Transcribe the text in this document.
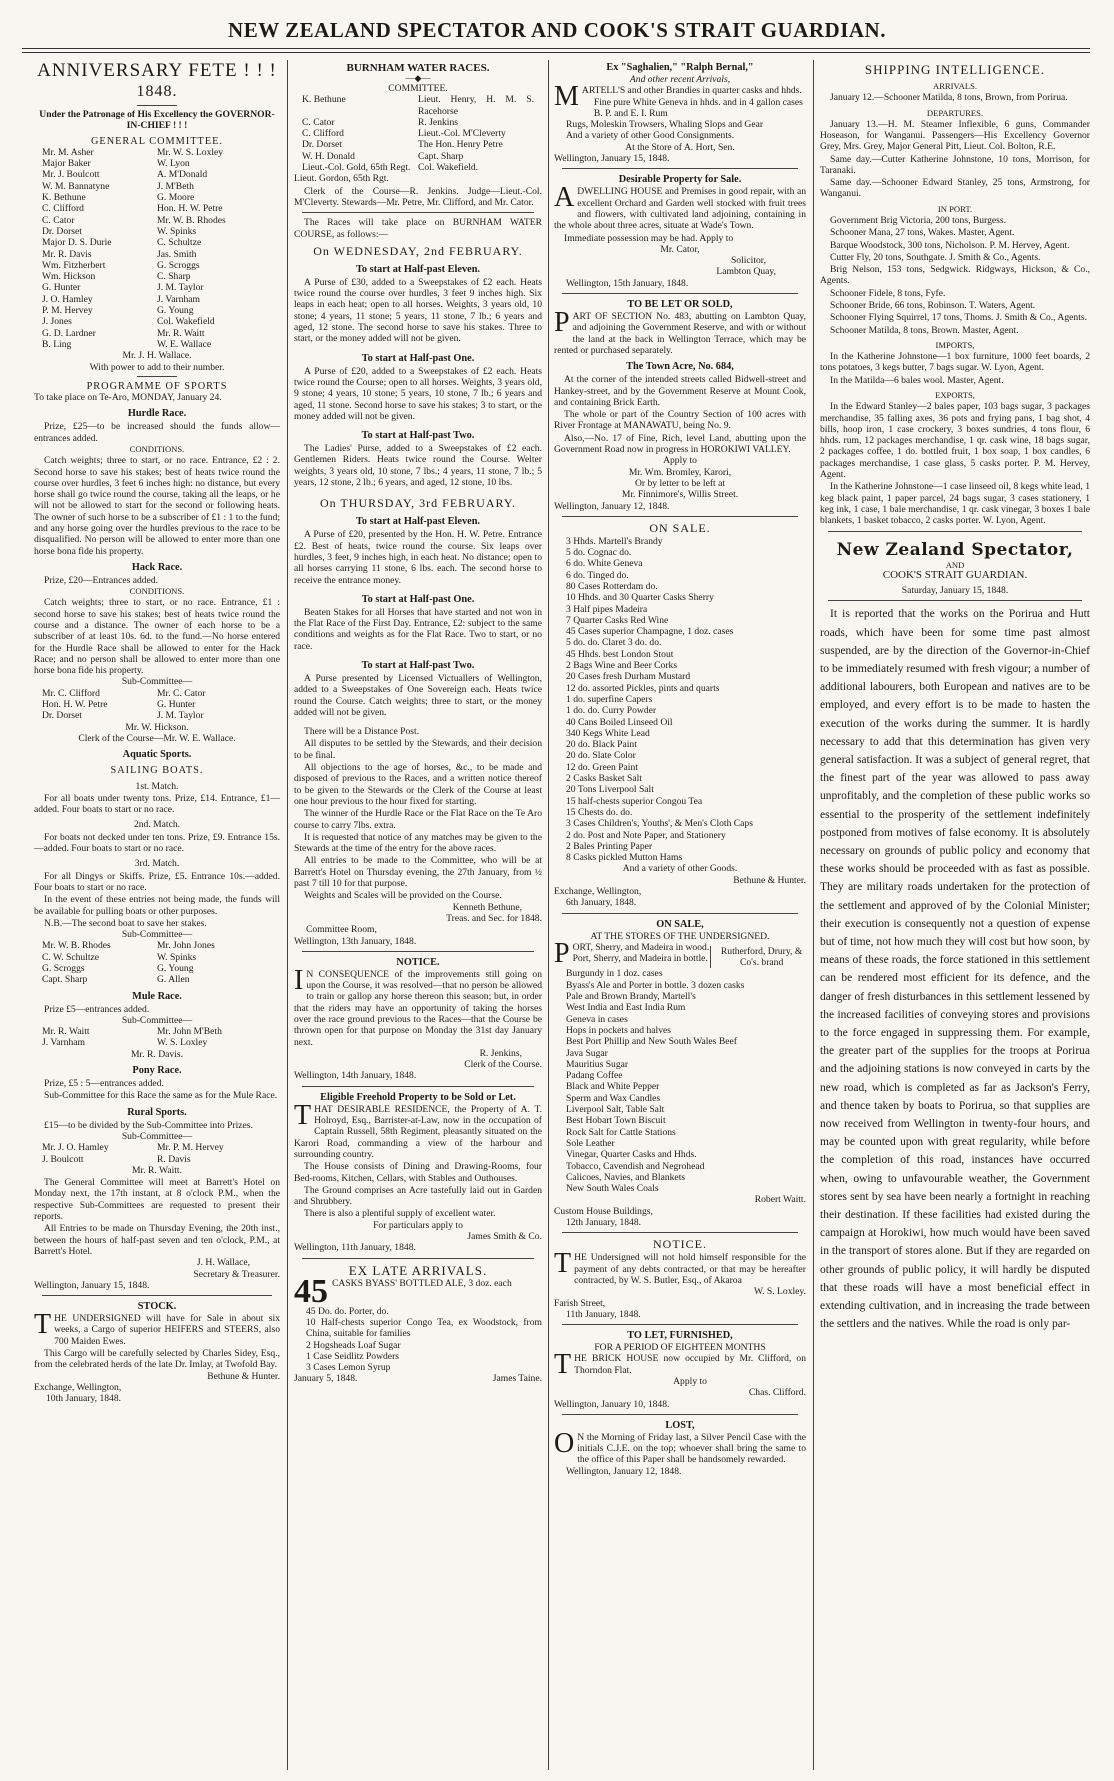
NEW ZEALAND SPECTATOR AND COOK'S STRAIT GUARDIAN.
ANNIVERSARY FETE ! ! !
1848.
Under the Patronage of His Excellency the GOVERNOR-IN-CHIEF ! ! !
GENERAL COMMITTEE.
Mr. M. Asher	Mr. W. S. Loxley
Major Baker	W. Lyon
Mr. J. Boulcott	A. M'Donald
W. M. Bannatyne	J. M'Beth
K. Bethune	G. Moore
C. Clifford	Hon. H. W. Petre
C. Cator	Mr. W. B. Rhodes
Dr. Dorset	W. Spinks
Major D. S. Durie	C. Schultze
Mr. R. Davis	Jas. Smith
Wm. Fitzherbert	G. Scroggs
Wm. Hickson	C. Sharp
G. Hunter	J. M. Taylor
J. O. Hamley	J. Varnham
P. M. Hervey	G. Young
J. Jones	Col. Wakefield
G. D. Lardner	Mr. R. Waitt
B. Ling	W. E. Wallace
Mr. J. H. Wallace.
With power to add to their number.
PROGRAMME OF SPORTS
To take place on Te-Aro, MONDAY, January 24.
Hurdle Race.
Prize, £25—to be increased should the funds allow—entrances added.
CONDITIONS.
Catch weights; three to start, or no race. Entrance, £2 : 2. Second horse to save his stakes; best of heats twice round the course over hurdles, 3 feet 6 inches high: no distance, but every horse shall go twice round the course, taking all the leaps, or he will not be allowed to start for the second or following heats. The owner of such horse to be a subscriber of £1 : 1 to the fund; and any horse going over the hurdles previous to the race to be disqualified. No person will be allowed to enter more than one horse bona fide his property.
Hack Race.
Prize, £20—Entrances added.
CONDITIONS.
Catch weights; three to start, or no race. Entrance, £1 : second horse to save his stakes; best of heats twice round the course and a distance. The owner of each horse to be a subscriber of at least 10s. 6d. to the fund.—No horse entered for the Hurdle Race shall be allowed to enter for the Hack Race; and no person shall be allowed to enter more than one horse bona fide his property.
Sub-Committee—
Mr. C. Clifford	Mr. C. Cator
Hon. H. W. Petre	G. Hunter
Dr. Dorset	J. M. Taylor
Mr. W. Hickson.
Clerk of the Course—Mr. W. E. Wallace.
Aquatic Sports.
SAILING BOATS.
1st. Match.
For all boats under twenty tons. Prize, £14. Entrance, £1—added. Four boats to start or no race.
2nd. Match.
For boats not decked under ten tons. Prize, £9. Entrance 15s.—added. Four boats to start or no race.
3rd. Match.
For all Dingys or Skiffs. Prize, £5. Entrance 10s.—added. Four boats to start or no race.
In the event of these entries not being made, the funds will be available for pulling boats or other purposes.
N.B.—The second boat to save her stakes.
Sub-Committee—
Mr. W. B. Rhodes	Mr. John Jones
C. W. Schultze	W. Spinks
G. Scroggs	G. Young
Capt. Sharp	G. Allen
Mule Race.
Prize £5—entrances added.
Sub-Committee—
Mr. R. Waitt	Mr. John M'Beth
J. Varnham	W. S. Loxley
Mr. R. Davis.
Pony Race.
Prize, £5 : 5—entrances added.
Sub-Committee for this Race the same as for the Mule Race.
Rural Sports.
£15—to be divided by the Sub-Committee into Prizes.
Sub-Committee—
Mr. J. O. Hamley	Mr. P. M. Hervey
J. Boulcott	R. Davis
Mr. R. Waitt.
The General Committee will meet at Barrett's Hotel on Monday next, the 17th instant, at 8 o'clock P.M., when the respective Sub-Committees are requested to present their reports.
All Entries to be made on Thursday Evening, the 20th inst., between the hours of half-past seven and ten o'clock, P.M., at Barrett's Hotel.
J. H. Wallace,
Secretary & Treasurer.
Wellington, January 15, 1848.
STOCK.
THE UNDERSIGNED will have for Sale in about six weeks, a Cargo of superior HEIFERS and STEERS, also 700 Maiden Ewes.
This Cargo will be carefully selected by Charles Sidey, Esq., from the celebrated herds of the late Dr. Imlay, at Twofold Bay.
Bethune & Hunter.
Exchange, Wellington,
10th January, 1848.
BURNHAM WATER RACES.
—◆—
COMMITTEE.
K. Bethune	Lieut. Henry, H. M. S. Racehorse
C. Cator	R. Jenkins
C. Clifford	Lieut.-Col. M'Cleverty
Dr. Dorset	The Hon. Henry Petre
W. H. Donald	Capt. Sharp
Lieut.-Col. Gold, 65th Regt. Col. Wakefield.
Lieut. Gordon, 65th Rgt.
Clerk of the Course—R. Jenkins. Judge—Lieut.-Col. M'Cleverty. Stewards—Mr. Petre, Mr. Clifford, and Mr. Cator.
The Races will take place on BURNHAM WATER COURSE, as follows:—
On WEDNESDAY, 2nd FEBRUARY.
To start at Half-past Eleven.
A Purse of £30, added to a Sweepstakes of £2 each. Heats twice round the course over hurdles, 3 feet 9 inches high. Six leaps in each heat; open to all horses. Weights, 3 years old, 10 stone; 4 years, 11 stone; 5 years, 11 stone, 7 lb.; 6 years and aged, 12 stone. The second horse to save his stakes. Three to start, or the money added will not be given.
To start at Half-past One.
A Purse of £20, added to a Sweepstakes of £2 each. Heats twice round the Course; open to all horses. Weights, 3 years old, 9 stone; 4 years, 10 stone; 5 years, 10 stone, 7 lb.; 6 years and aged, 11 stone. Second horse to save his stakes; 3 to start, or the money added will not be given.
To start at Half-past Two.
The Ladies' Purse, added to a Sweepstakes of £2 each. Gentlemen Riders. Heats twice round the Course. Welter weights, 3 years old, 10 stone, 7 lbs.; 4 years, 11 stone, 7 lb.; 5 years, 12 stone, 2 lb.; 6 years, and aged, 12 stone, 10 lbs.
On THURSDAY, 3rd FEBRUARY.
To start at Half-past Eleven.
A Purse of £20, presented by the Hon. H. W. Petre. Entrance £2. Best of heats, twice round the course. Six leaps over hurdles, 3 feet, 9 inches high, in each heat. No distance; open to all horses carrying 11 stone, 6 lbs. each. The second horse to receive the entrance money.
To start at Half-past One.
Beaten Stakes for all Horses that have started and not won in the Flat Race of the First Day. Entrance, £2: subject to the same conditions and weights as for the Flat Race. Two to start, or no race.
To start at Half-past Two.
A Purse presented by Licensed Victuallers of Wellington, added to a Sweepstakes of One Sovereign each. Heats twice round the Course. Catch weights; three to start, or the money added will not be given.
There will be a Distance Post.
All disputes to be settled by the Stewards, and their decision to be final.
All objections to the age of horses, &c., to be made and disposed of previous to the Races, and a written notice thereof to be given to the Stewards or the Clerk of the Course at least one hour previous to the hour fixed for starting.
The winner of the Hurdle Race or the Flat Race on the Te Aro course to carry 7lbs. extra.
It is requested that notice of any matches may be given to the Stewards at the time of the entry for the above races.
All entries to be made to the Committee, who will be at Barrett's Hotel on Thursday evening, the 27th January, from ½ past 7 till 10 for that purpose.
Weights and Scales will be provided on the Course.
Kenneth Bethune,
Treas. and Sec. for 1848.
Committee Room,
Wellington, 13th January, 1848.
NOTICE.
IN CONSEQUENCE of the improvements still going on upon the Course, it was resolved—that no person be allowed to train or gallop any horse thereon this season; but, in order that the riders may have an opportunity of taking the horses over the race ground previous to the Races—that the Course be thrown open for that purpose on Monday the 31st day January next.
R. Jenkins,
Clerk of the Course.
Wellington, 14th January, 1848.
Eligible Freehold Property to be Sold or Let.
THAT DESIRABLE RESIDENCE, the Property of A. T. Holroyd, Esq., Barrister-at-Law, now in the occupation of Captain Russell, 58th Regiment, pleasantly situated on the Karori Road, commanding a view of the harbour and surrounding country.
The House consists of Dining and Drawing-Rooms, four Bed-rooms, Kitchen, Cellars, with Stables and Outhouses.
The Ground comprises an Acre tastefully laid out in Garden and Shrubbery.
There is also a plentiful supply of excellent water.
For particulars apply to
James Smith & Co.
Wellington, 11th January, 1848.
EX LATE ARRIVALS.
45 CASKS BYASS' BOTTLED ALE, 3 doz. each
45 Do. do. Porter, do.
10 Half-chests superior Congo Tea, ex Woodstock, from China, suitable for families
2 Hogsheads Loaf Sugar
1 Case Seidlitz Powders
3 Cases Lemon Syrup
January 5, 1848.	James Taine.
Ex "Saghalien," "Ralph Bernal,"
And other recent Arrivals,
MARTELL'S and other Brandies in quarter casks and hhds.
Fine pure White Geneva in hhds. and in 4 gallon cases
B. P. and E. I. Rum
Rugs, Moleskin Trowsers, Whaling Slops and Gear
And a variety of other Good Consignments.
At the Store of A. Hort, Sen.
Wellington, January 15, 1848.
Desirable Property for Sale.
ADWELLING HOUSE and Premises in good repair, with an excellent Orchard and Garden well stocked with fruit trees and flowers, with cultivated land adjoining, containing in the whole about three acres, situate at Wade's Town.
Immediate possession may be had. Apply to
Mr. Cator,
Solicitor,
Lambton Quay,
Wellington, 15th January, 1848.
TO BE LET OR SOLD,
PART OF SECTION No. 483, abutting on Lambton Quay, and adjoining the Government Reserve, and with or without the land at the back in Wellington Terrace, which may be rented or purchased separately.
The Town Acre, No. 684,
At the corner of the intended streets called Bidwell-street and Hankey-street, and by the Government Reserve at Mount Cook, and containing Brick Earth.
The whole or part of the Country Section of 100 acres with River Frontage at MANAWATU, being No. 9.
Also,—No. 17 of Fine, Rich, level Land, abutting upon the Government Road now in progress in HOROKIWI VALLEY.
Apply to
Mr. Wm. Bromley, Karori,
Or by letter to be left at
Mr. Finnimore's, Willis Street.
Wellington, January 12, 1848.
ON SALE.
3 Hhds. Martell's Brandy
5 do. Cognac do.
6 do. White Geneva
6 do. Tinged do.
80 Cases Rotterdam do.
10 Hhds. and 30 Quarter Casks Sherry
3 Half pipes Madeira
7 Quarter Casks Red Wine
45 Cases superior Champagne, 1 doz. cases
5 do. do. Claret 3 do. do.
45 Hhds. best London Stout
2 Bags Wine and Beer Corks
20 Cases fresh Durham Mustard
12 do. assorted Pickles, pints and quarts
1 do. superfine Capers
1 do. do. Curry Powder
40 Cans Boiled Linseed Oil
340 Kegs White Lead
20 do. Black Paint
20 do. Slate Color
12 do. Green Paint
2 Casks Basket Salt
20 Tons Liverpool Salt
15 half-chests superior Congou Tea
15 Chests do. do.
3 Cases Children's, Youths', & Men's Cloth Caps
2 do. Post and Note Paper, and Stationery
2 Bales Printing Paper
8 Casks pickled Mutton Hams
And a variety of other Goods.
Bethune & Hunter.
Exchange, Wellington,
6th January, 1848.
ON SALE,
AT THE STORES OF THE UNDERSIGNED.
PORT, Sherry, and Madeira in wood.
Port, Sherry, and Madeira in bottle.
Rutherford, Drury, & Co's. brand
Burgundy in 1 doz. cases
Byass's Ale and Porter in bottle. 3 dozen casks
Pale and Brown Brandy, Martell's
West India and East India Rum
Geneva in cases
Hops in pockets and halves
Best Port Phillip and New South Wales Beef
Java Sugar
Mauritius Sugar
Padang Coffee
Black and White Pepper
Sperm and Wax Candles
Liverpool Salt, Table Salt
Best Hobart Town Biscuit
Rock Salt for Cattle Stations
Sole Leather
Vinegar, Quarter Casks and Hhds.
Tobacco, Cavendish and Negrohead
Calicoes, Navies, and Blankets
New South Wales Coals
Robert Waitt.
Custom House Buildings,
12th January, 1848.
NOTICE.
THE Undersigned will not hold himself responsible for the payment of any debts contracted, or that may be hereafter contracted, by W. S. Butler, Esq., of Akaroa
W. S. Loxley.
Farish Street,
11th January, 1848.
TO LET, FURNISHED,
FOR A PERIOD OF EIGHTEEN MONTHS
THE BRICK HOUSE now occupied by Mr. Clifford, on Thorndon Flat.
Apply to
Chas. Clifford.
Wellington, January 10, 1848.
LOST,
ON the Morning of Friday last, a Silver Pencil Case with the initials C.J.E. on the top; whoever shall bring the same to the office of this Paper shall be handsomely rewarded.
Wellington, January 12, 1848.
SHIPPING INTELLIGENCE.
ARRIVALS.
January 12.—Schooner Matilda, 8 tons, Brown, from Porirua.
DEPARTURES.
January 13.—H. M. Steamer Inflexible, 6 guns, Commander Hoseason, for Wanganui. Passengers—His Excellency Governor Grey, Mrs. Grey, Major General Pitt, Lieut. Col. Bolton, R.E.
Same day.—Cutter Katherine Johnstone, 10 tons, Morrison, for Taranaki.
Same day.—Schooner Edward Stanley, 25 tons, Armstrong, for Wanganui.
IN PORT.
Government Brig Victoria, 200 tons, Burgess.
Schooner Mana, 27 tons, Wakes. Master, Agent.
Barque Woodstock, 300 tons, Nicholson. P. M. Hervey, Agent.
Cutter Fly, 20 tons, Southgate. J. Smith & Co., Agents.
Brig Nelson, 153 tons, Sedgwick. Ridgways, Hickson, & Co., Agents.
Schooner Fidele, 8 tons, Fyfe.
Schooner Bride, 66 tons, Robinson. T. Waters, Agent.
Schooner Flying Squirrel, 17 tons, Thoms. J. Smith & Co., Agents.
Schooner Matilda, 8 tons, Brown. Master, Agent.
IMPORTS,
In the Katherine Johnstone—1 box furniture, 1000 feet boards, 2 tons potatoes, 3 kegs butter, 7 bags sugar. W. Lyon, Agent.
In the Matilda—6 bales wool. Master, Agent.
EXPORTS,
In the Edward Stanley—2 bales paper, 103 bags sugar, 3 packages merchandise, 35 falling axes, 36 pots and frying pans, 1 bag shot, 4 bills, hoop iron, 1 case crockery, 3 boxes sundries, 4 tons flour, 6 hhds. rum, 12 packages merchandise, 1 qr. cask wine, 18 bags sugar, 2 packages coffee, 1 do. bottled fruit, 1 box soap, 1 box candles, 6 packages merchandise, 1 case glass, 5 casks porter. P. M. Hervey, Agent.
In the Katherine Johnstone—1 case linseed oil, 8 kegs white lead, 1 keg black paint, 1 paper parcel, 24 bags sugar, 3 cases stationery, 1 keg ink, 1 case, 1 bale merchandise, 1 qr. cask vinegar, 3 boxes 1 bale blankets, 1 basket tobacco, 2 casks porter. W. Lyon, Agent.
New Zealand Spectator,
AND
COOK'S STRAIT GUARDIAN.
Saturday, January 15, 1848.
It is reported that the works on the Porirua and Hutt roads, which have been for some time past almost suspended, are by the direction of the Governor-in-Chief to be immediately resumed with fresh vigour; a number of additional labourers, both European and natives are to be employed, and every effort is to be made to hasten the execution of the works during the summer. It is hardly necessary to add that this determination has given very general satisfaction. It was a subject of general regret, that the finest part of the year was allowed to pass away unprofitably, and the completion of these public works so essential to the prosperity of the settlement indefinitely postponed from motives of false economy. It is absolutely necessary on grounds of public policy and economy that these works should be proceeded with as fast as possible. They are military roads undertaken for the protection of the settlement and approved of by the Colonial Minister; their execution is consequently not a question of expense but of time, not how much they will cost but how soon, by means of these roads, the force stationed in this settlement can be rendered most efficient for its defence, and the danger of fresh disturbances in this settlement lessened by the increased facilities of conveying stores and provisions to the force engaged in suppressing them. For example, the greater part of the supplies for the troops at Porirua and the adjoining stations is now conveyed in carts by the new road, which is completed as far as Jackson's Ferry, and thence taken by boats to Porirua, so that supplies are now received from Wellington in twenty-four hours, and may be counted upon with great regularity, while before the completion of this road, instances have occurred when, owing to unfavourable weather, the Government stores sent by sea have been nearly a fortnight in reaching their destination. If these facilities had existed during the campaign at Horokiwi, how much would have been saved in the transport of stores alone. But if they are regarded on other grounds of public policy, it will hardly be disputed that these roads will have a most beneficial effect in extending cultivation, and in increasing the trade between the settlers and the natives. While the road is only par-
